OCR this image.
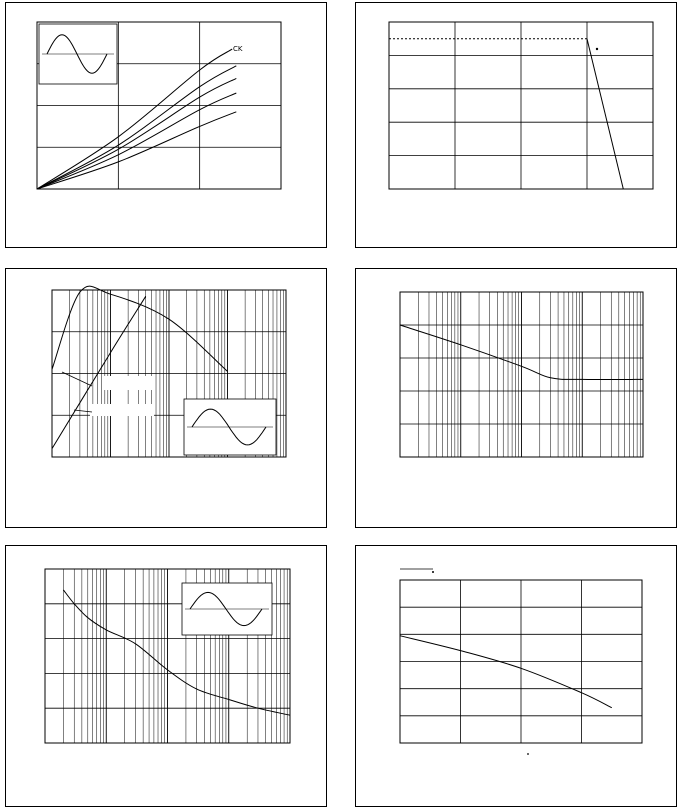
CK
